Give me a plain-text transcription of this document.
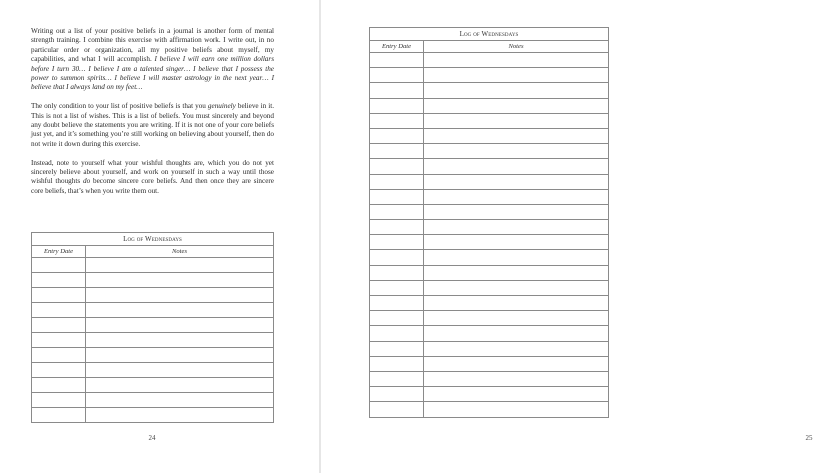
Writing out a list of your positive beliefs in a journal is another form of mental strength training. I combine this exercise with affirmation work. I write out, in no particular order or organization, all my positive beliefs about myself, my capabilities, and what I will accomplish. I believe I will earn one million dollars before I turn 30… I believe I am a talented singer… I believe that I possess the power to summon spirits… I believe I will master astrology in the next year… I believe that I always land on my feet…

The only condition to your list of positive beliefs is that you genuinely believe in it. This is not a list of wishes. This is a list of beliefs. You must sincerely and beyond any doubt believe the statements you are writing. If it is not one of your core beliefs just yet, and it’s something you’re still working on believing about yourself, then do not write it down during this exercise.

Instead, note to yourself what your wishful thoughts are, which you do not yet sincerely believe about yourself, and work on yourself in such a way until those wishful thoughts do become sincere core beliefs. And then once they are sincere core beliefs, that’s when you write them out.

Log of Wednesdays	
Entry Date	Notes

24	25
Log of Wednesdays	
Entry Date	Notes
